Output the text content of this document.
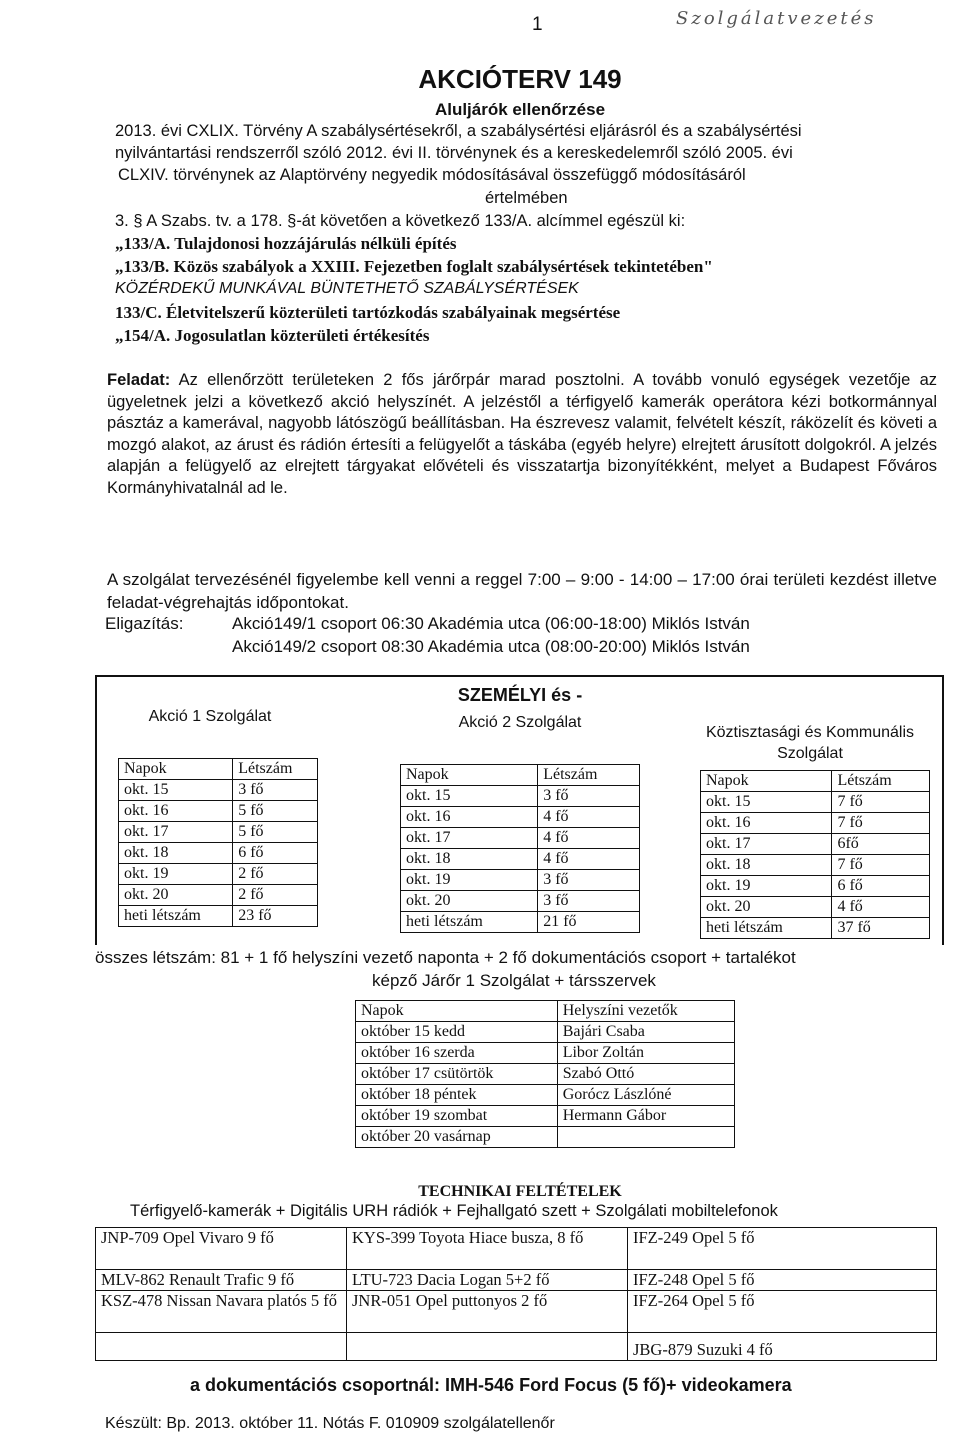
1	Szolgálatvezetés
AKCIÓTERV 149
Aluljárók ellenőrzése
2013. évi CXLIX. Törvény A szabálysértésekről, a szabálysértési eljárásról és a szabálysértési
nyilvántartási rendszerről szóló 2012. évi II. törvénynek és a kereskedelemről szóló 2005. évi
CLXIV. törvénynek az Alaptörvény negyedik módosításával összefüggő módosításáról
értelmében
3. § A Szabs. tv. a 178. §-át követően a következő 133/A. alcímmel egészül ki:
„133/A. Tulajdonosi hozzájárulás nélküli építés
„133/B. Közös szabályok a XXIII. Fejezetben foglalt szabálysértések tekintetében"
KÖZÉRDEKŰ MUNKÁVAL BÜNTETHETŐ SZABÁLYSÉRTÉSEK
133/C. Életvitelszerű közterületi tartózkodás szabályainak megsértése
„154/A. Jogosulatlan közterületi értékesítés
Feladat: Az ellenőrzött területeken 2 fős járőrpár marad posztolni. A tovább vonuló egységek vezetője az ügyeletnek jelzi a következő akció helyszínét. A jelzéstől a térfigyelő kamerák operátora kézi botkormánnyal pásztáz a kamerával, nagyobb látószögű beállításban. Ha észrevesz valamit, felvételt készít, ráközelít és követi a mozgó alakot, az árust és rádión értesíti a felügyelőt a táskába (egyéb helyre) elrejtett árusított dolgokról. A jelzés alapján a felügyelő az elrejtett tárgyakat elővételi és visszatartja bizonyítékként, melyet a Budapest Főváros Kormányhivatalnál ad le.
A szolgálat tervezésénél figyelembe kell venni a reggel 7:00 – 9:00 - 14:00 – 17:00 órai területi kezdést illetve feladat-végrehajtás időpontokat.
Eligazítás:	Akció149/1 csoport 06:30 Akadémia utca (06:00-18:00) Miklós István
Akció149/2 csoport 08:30 Akadémia utca (08:00-20:00) Miklós István
SZEMÉLYI és -
Akció 1 Szolgálat
Napok	Létszám
okt. 15	3 fő
okt. 16	5 fő
okt. 17	5 fő
okt. 18	6 fő
okt. 19	2 fő
okt. 20	2 fő
heti létszám	23 fő
Akció 2 Szolgálat
Napok	Létszám
okt. 15	3 fő
okt. 16	4 fő
okt. 17	4 fő
okt. 18	4 fő
okt. 19	3 fő
okt. 20	3 fő
heti létszám	21 fő
Köztisztasági és Kommunális Szolgálat
Napok	Létszám
okt. 15	7 fő
okt. 16	7 fő
okt. 17	6fő
okt. 18	7 fő
okt. 19	6 fő
okt. 20	4 fő
heti létszám	37 fő
összes létszám: 81 + 1 fő helyszíni vezető naponta + 2 fő dokumentációs csoport + tartalékot
képző Járőr 1 Szolgálat + társszervek
Napok	Helyszíni vezetők
október 15 kedd	Bajári Csaba
október 16 szerda	Libor Zoltán
október 17 csütörtök	Szabó Ottó
október 18 péntek	Gorócz Lászlóné
október 19 szombat	Hermann Gábor
október 20 vasárnap	
TECHNIKAI FELTÉTELEK
Térfigyelő-kamerák + Digitális URH rádiók + Fejhallgató szett + Szolgálati mobiltelefonok
JNP-709 Opel Vivaro 9 fő	KYS-399 Toyota Hiace busza, 8 fő	IFZ-249 Opel 5 fő
MLV-862 Renault Trafic 9 fő	LTU-723 Dacia Logan 5+2 fő	IFZ-248 Opel 5 fő
KSZ-478 Nissan Navara platós 5 fő	JNR-051 Opel puttonyos 2 fő	IFZ-264 Opel 5 fő
		JBG-879 Suzuki 4 fő
a dokumentációs csoportnál: IMH-546 Ford Focus (5 fő)+ videokamera
Készült: Bp. 2013. október 11. Nótás F. 010909 szolgálatellenőr
